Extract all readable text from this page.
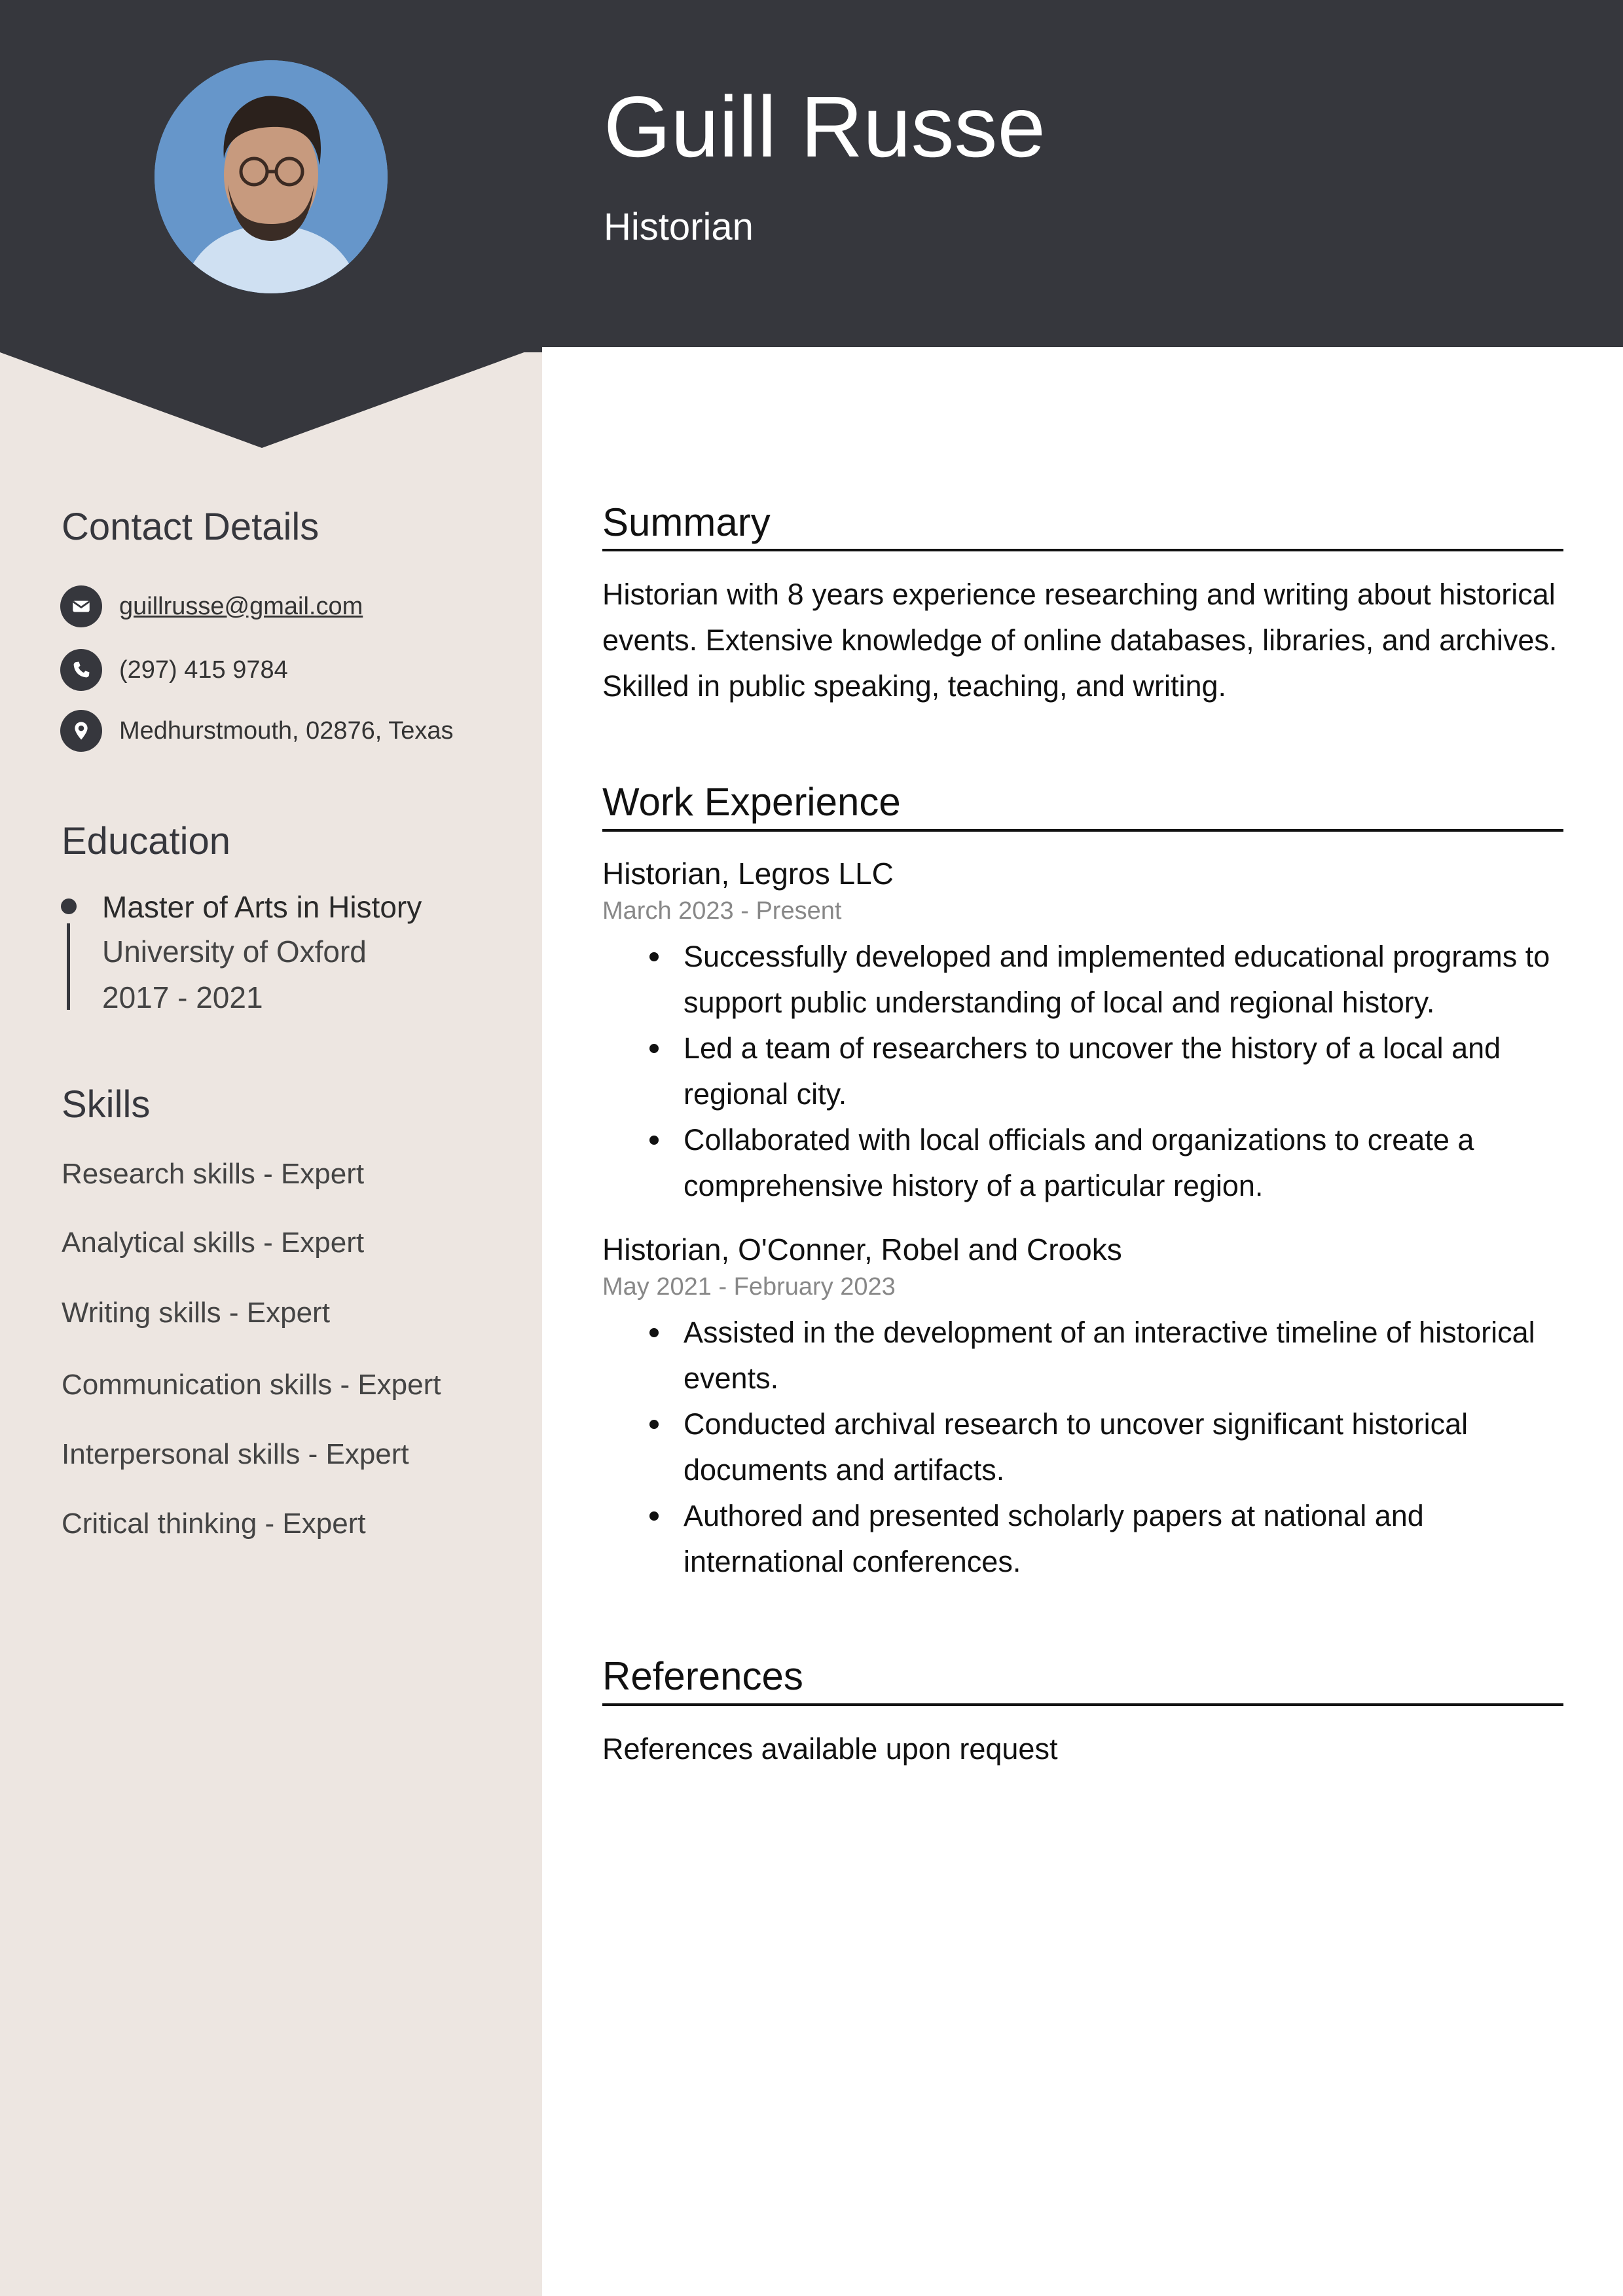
Guill Russe
Historian
Contact Details
guillrusse@gmail.com
(297) 415 9784
Medhurstmouth, 02876, Texas
Education
Master of Arts in History
University of Oxford
2017 - 2021
Skills
Research skills - Expert
Analytical skills - Expert
Writing skills - Expert
Communication skills - Expert
Interpersonal skills - Expert
Critical thinking - Expert
Summary
Historian with 8 years experience researching and writing about historical events. Extensive knowledge of online databases, libraries, and archives. Skilled in public speaking, teaching, and writing.
Work Experience
Historian, Legros LLC
March 2023 - Present
Successfully developed and implemented educational programs to support public understanding of local and regional history.
Led a team of researchers to uncover the history of a local and regional city.
Collaborated with local officials and organizations to create a comprehensive history of a particular region.
Historian, O'Conner, Robel and Crooks
May 2021 - February 2023
Assisted in the development of an interactive timeline of historical events.
Conducted archival research to uncover significant historical documents and artifacts.
Authored and presented scholarly papers at national and international conferences.
References
References available upon request
